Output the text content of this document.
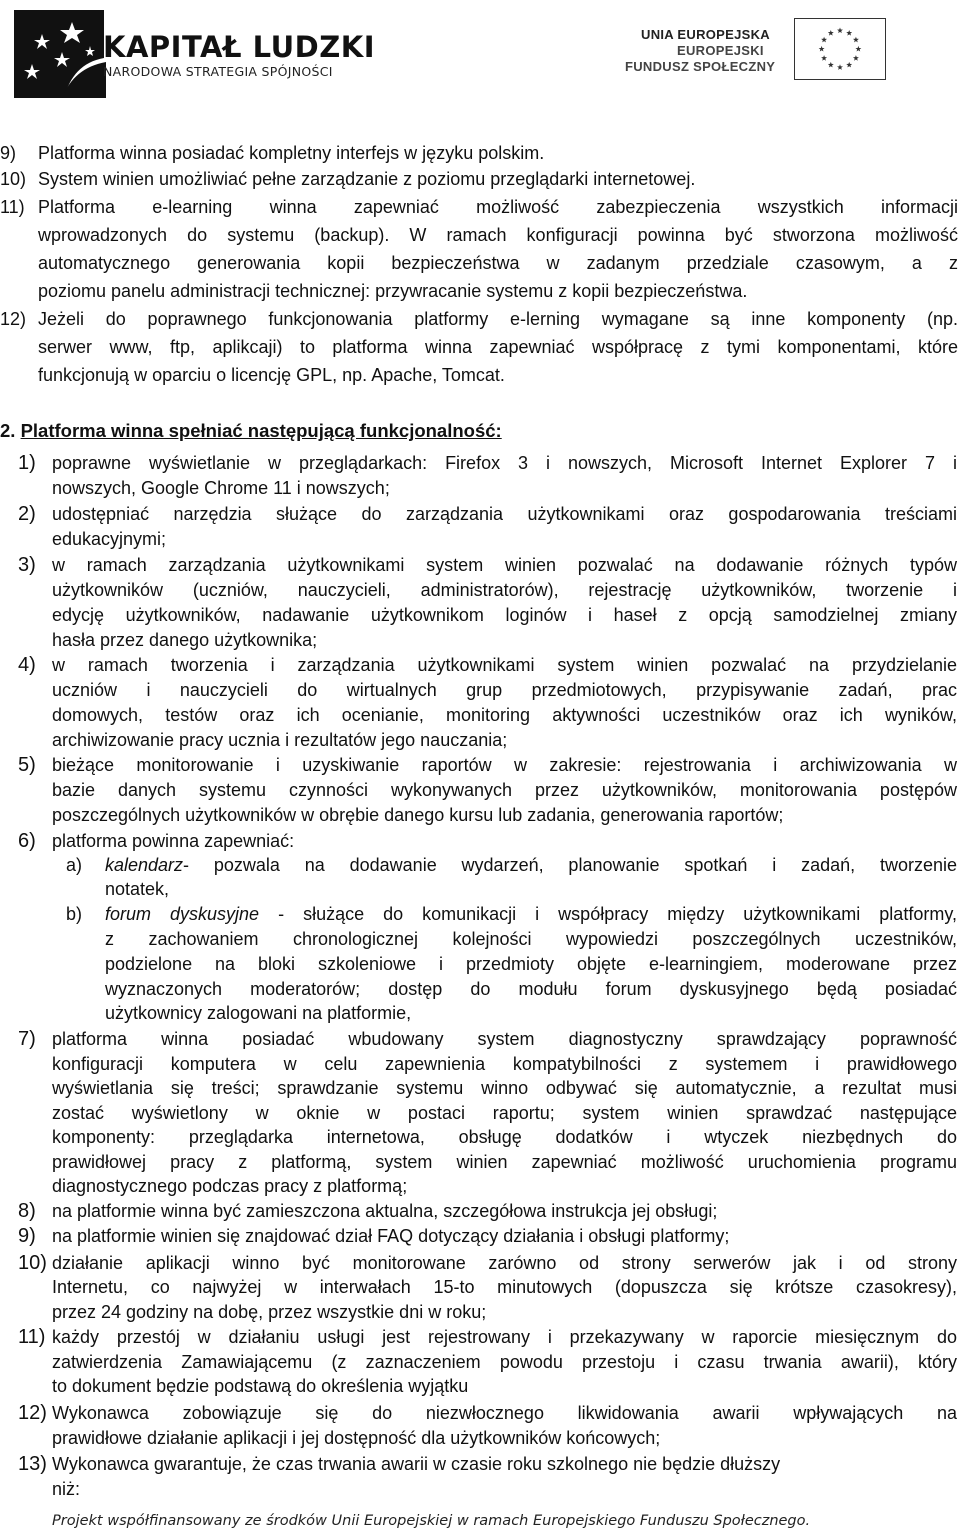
KAPITAŁ LUDZKI
NARODOWA STRATEGIA SPÓJNOŚCI
UNIA EUROPEJSKA
EUROPEJSKI
FUNDUSZ SPOŁECZNY
9) Platforma winna posiadać kompletny interfejs w języku polskim.
10) System winien umożliwiać pełne zarządzanie z poziomu przeglądarki internetowej.
11) Platforma e-learning winna zapewniać możliwość zabezpieczenia wszystkich informacji
wprowadzonych do systemu (backup). W ramach konfiguracji powinna być stworzona możliwość
automatycznego generowania kopii bezpieczeństwa w zadanym przedziale czasowym, a z
poziomu panelu administracji technicznej: przywracanie systemu z kopii bezpieczeństwa.
12) Jeżeli do poprawnego funkcjonowania platformy e-lerning wymagane są inne komponenty (np.
serwer www, ftp, aplikcaji) to platforma winna zapewniać współpracę z tymi komponentami, które
funkcjonują w oparciu o licencję GPL, np. Apache, Tomcat.
2. Platforma winna spełniać następującą funkcjonalność:
1) poprawne wyświetlanie w przeglądarkach: Firefox 3 i nowszych, Microsoft Internet Explorer 7 i
nowszych, Google Chrome 11 i nowszych;
2) udostępniać narzędzia służące do zarządzania użytkownikami oraz gospodarowania treściami
edukacyjnymi;
3) w ramach zarządzania użytkownikami system winien pozwalać na dodawanie różnych typów
użytkowników (uczniów, nauczycieli, administratorów), rejestrację użytkowników, tworzenie i
edycję użytkowników, nadawanie użytkownikom loginów i haseł z opcją samodzielnej zmiany
hasła przez danego użytkownika;
4) w ramach tworzenia i zarządzania użytkownikami system winien pozwalać na przydzielanie
uczniów i nauczycieli do wirtualnych grup przedmiotowych, przypisywanie zadań, prac
domowych, testów oraz ich ocenianie, monitoring aktywności uczestników oraz ich wyników,
archiwizowanie pracy ucznia i rezultatów jego nauczania;
5) bieżące monitorowanie i uzyskiwanie raportów w zakresie: rejestrowania i archiwizowania w
bazie danych systemu czynności wykonywanych przez użytkowników, monitorowania postępów
poszczególnych użytkowników w obrębie danego kursu lub zadania, generowania raportów;
6) platforma powinna zapewniać:
a) kalendarz- pozwala na dodawanie wydarzeń, planowanie spotkań i zadań, tworzenie
notatek,
b) forum dyskusyjne - służące do komunikacji i współpracy między użytkownikami platformy,
z zachowaniem chronologicznej kolejności wypowiedzi poszczególnych uczestników,
podzielone na bloki szkoleniowe i przedmioty objęte e-learningiem, moderowane przez
wyznaczonych moderatorów; dostęp do modułu forum dyskusyjnego będą posiadać
użytkownicy zalogowani na platformie,
7) platforma winna posiadać wbudowany system diagnostyczny sprawdzający poprawność
konfiguracji komputera w celu zapewnienia kompatybilności z systemem i prawidłowego
wyświetlania się treści; sprawdzanie systemu winno odbywać się automatycznie, a rezultat musi
zostać wyświetlony w oknie w postaci raportu; system winien sprawdzać następujące
komponenty: przeglądarka internetowa, obsługę dodatków i wtyczek niezbędnych do
prawidłowej pracy z platformą, system winien zapewniać możliwość uruchomienia programu
diagnostycznego podczas pracy z platformą;
8) na platformie winna być zamieszczona aktualna, szczegółowa instrukcja jej obsługi;
9) na platformie winien się znajdować dział FAQ dotyczący działania i obsługi platformy;
10) działanie aplikacji winno być monitorowane zarówno od strony serwerów jak i od strony
Internetu, co najwyżej w interwałach 15-to minutowych (dopuszcza się krótsze czasokresy),
przez 24 godziny na dobę, przez wszystkie dni w roku;
11) każdy przestój w działaniu usługi jest rejestrowany i przekazywany w raporcie miesięcznym do
zatwierdzenia Zamawiającemu (z zaznaczeniem powodu przestoju i czasu trwania awarii), który
to dokument będzie podstawą do określenia wyjątku
12) Wykonawca zobowiązuje się do niezwłocznego likwidowania awarii wpływających na
prawidłowe działanie aplikacji i jej dostępność dla użytkowników końcowych;
13) Wykonawca gwarantuje, że czas trwania awarii w czasie roku szkolnego nie będzie dłuższy
niż:
Projekt współfinansowany ze środków Unii Europejskiej w ramach Europejskiego Funduszu Społecznego.
